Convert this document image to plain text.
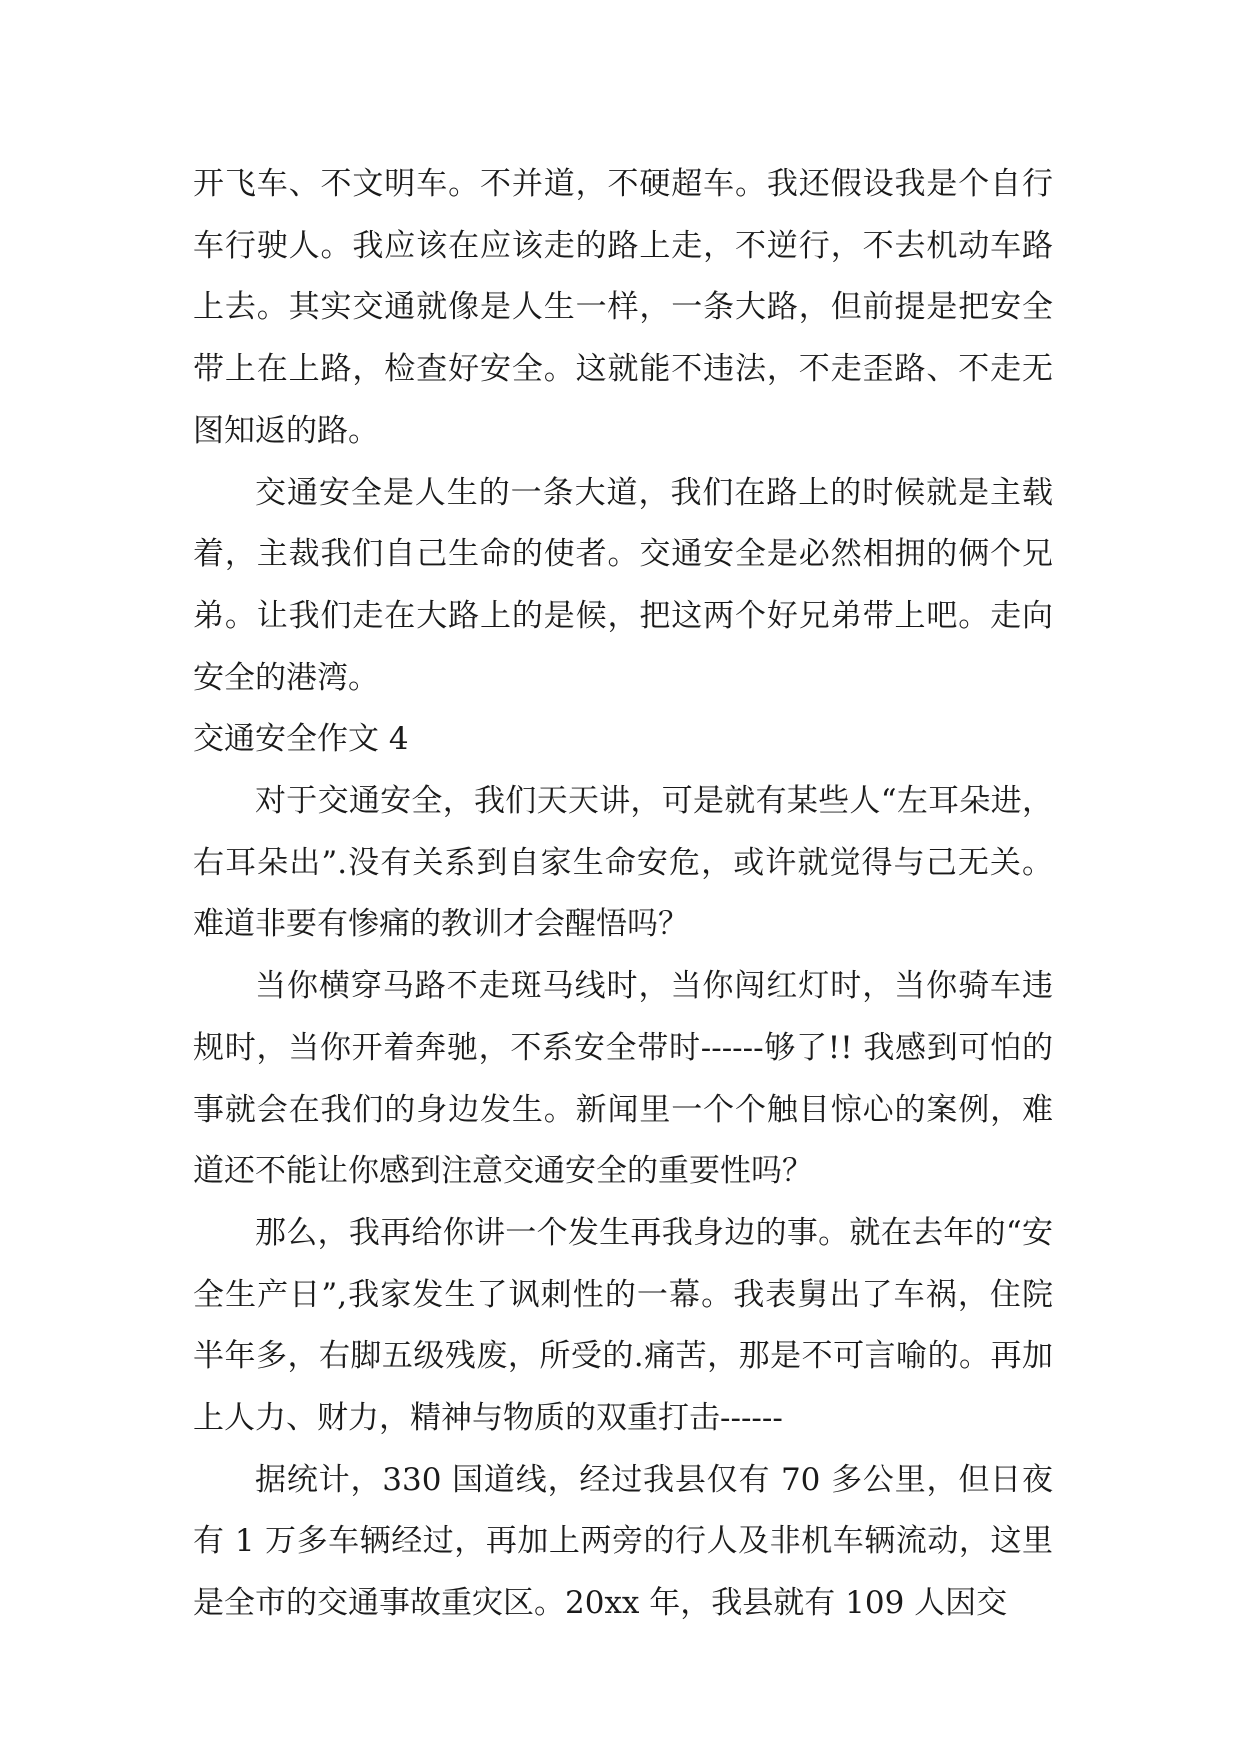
开飞车、不文明车。不并道，不硬超车。我还假设我是个自行车行驶人。我应该在应该走的路上走，不逆行，不去机动车路上去。其实交通就像是人生一样，一条大路，但前提是把安全带上在上路，检查好安全。这就能不违法，不走歪路、不走无图知返的路。

交通安全是人生的一条大道，我们在路上的时候就是主载着，主裁我们自己生命的使者。交通安全是必然相拥的俩个兄弟。让我们走在大路上的是候，把这两个好兄弟带上吧。走向安全的港湾。

交通安全作文 4

对于交通安全，我们天天讲，可是就有某些人“左耳朵进，右耳朵出”.没有关系到自家生命安危，或许就觉得与己无关。难道非要有惨痛的教训才会醒悟吗？

当你横穿马路不走斑马线时，当你闯红灯时，当你骑车违规时，当你开着奔驰，不系安全带时------够了!! 我感到可怕的事就会在我们的身边发生。新闻里一个个触目惊心的案例，难道还不能让你感到注意交通安全的重要性吗？

那么，我再给你讲一个发生再我身边的事。就在去年的“安全生产日”,我家发生了讽刺性的一幕。我表舅出了车祸，住院半年多，右脚五级残废，所受的.痛苦，那是不可言喻的。再加上人力、财力，精神与物质的双重打击------

据统计，330 国道线，经过我县仅有 70 多公里，但日夜有 1 万多车辆经过，再加上两旁的行人及非机车辆流动，这里是全市的交通事故重灾区。20xx 年，我县就有 109 人因交
